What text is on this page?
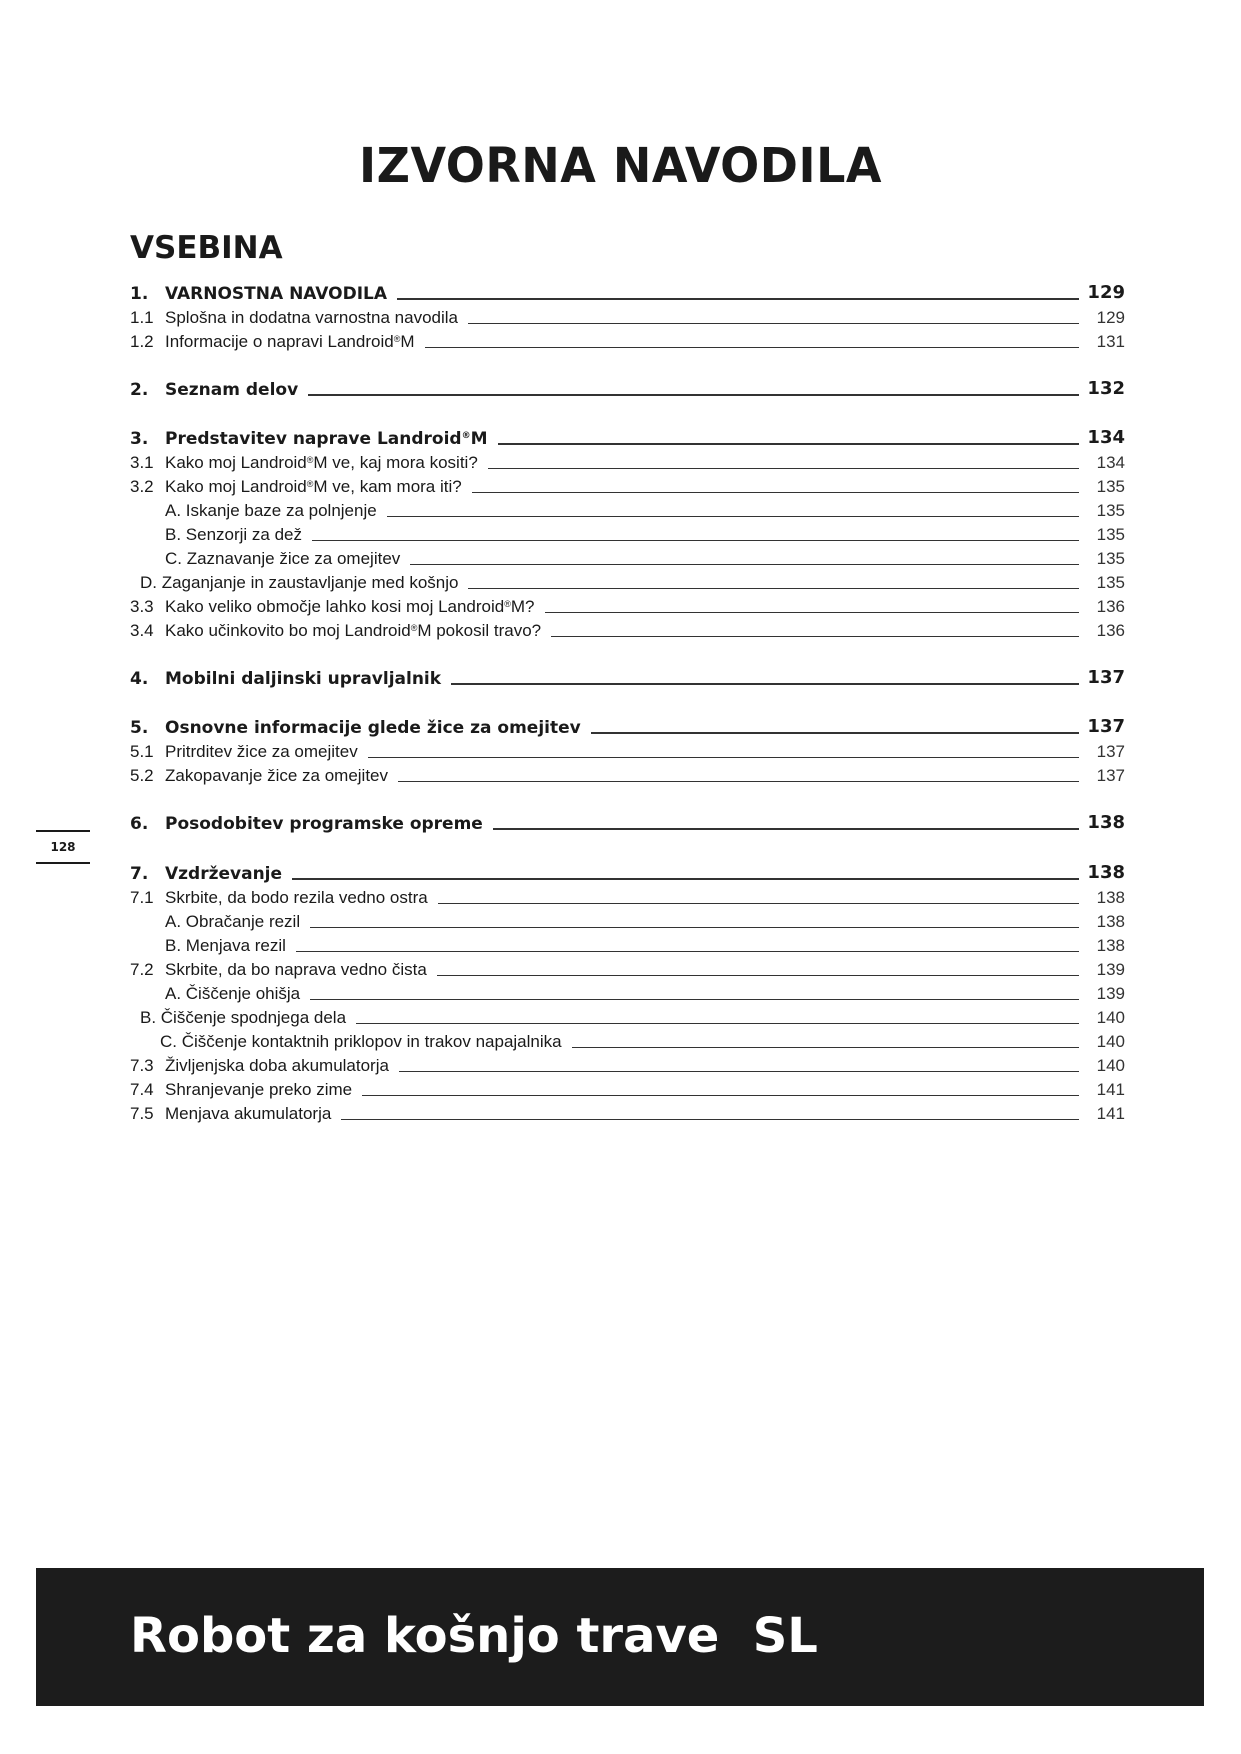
IZVORNA NAVODILA
VSEBINA
1. VARNOSTNA NAVODILA	129
1.1 Splošna in dodatna varnostna navodila	129
1.2 Informacije o napravi Landroid®M	131
2. Seznam delov	132
3. Predstavitev naprave Landroid®M	134
3.1 Kako moj Landroid®M ve, kaj mora kositi?	134
3.2 Kako moj Landroid®M ve, kam mora iti?	135
A. Iskanje baze za polnjenje	135
B. Senzorji za dež	135
C. Zaznavanje žice za omejitev	135
D. Zaganjanje in zaustavljanje med košnjo	135
3.3 Kako veliko območje lahko kosi moj Landroid®M?	136
3.4 Kako učinkovito bo moj Landroid®M pokosil travo?	136
4. Mobilni daljinski upravljalnik	137
5. Osnovne informacije glede žice za omejitev	137
5.1 Pritrditev žice za omejitev	137
5.2 Zakopavanje žice za omejitev	137
6. Posodobitev programske opreme	138
7. Vzdrževanje	138
7.1 Skrbite, da bodo rezila vedno ostra	138
A. Obračanje rezil	138
B. Menjava rezil	138
7.2 Skrbite, da bo naprava vedno čista	139
A. Čiščenje ohišja	139
B. Čiščenje spodnjega dela	140
C. Čiščenje kontaktnih priklopov in trakov napajalnika	140
7.3 Življenjska doba akumulatorja	140
7.4 Shranjevanje preko zime	141
7.5 Menjava akumulatorja	141
128
Robot za košnjo trave  SL
